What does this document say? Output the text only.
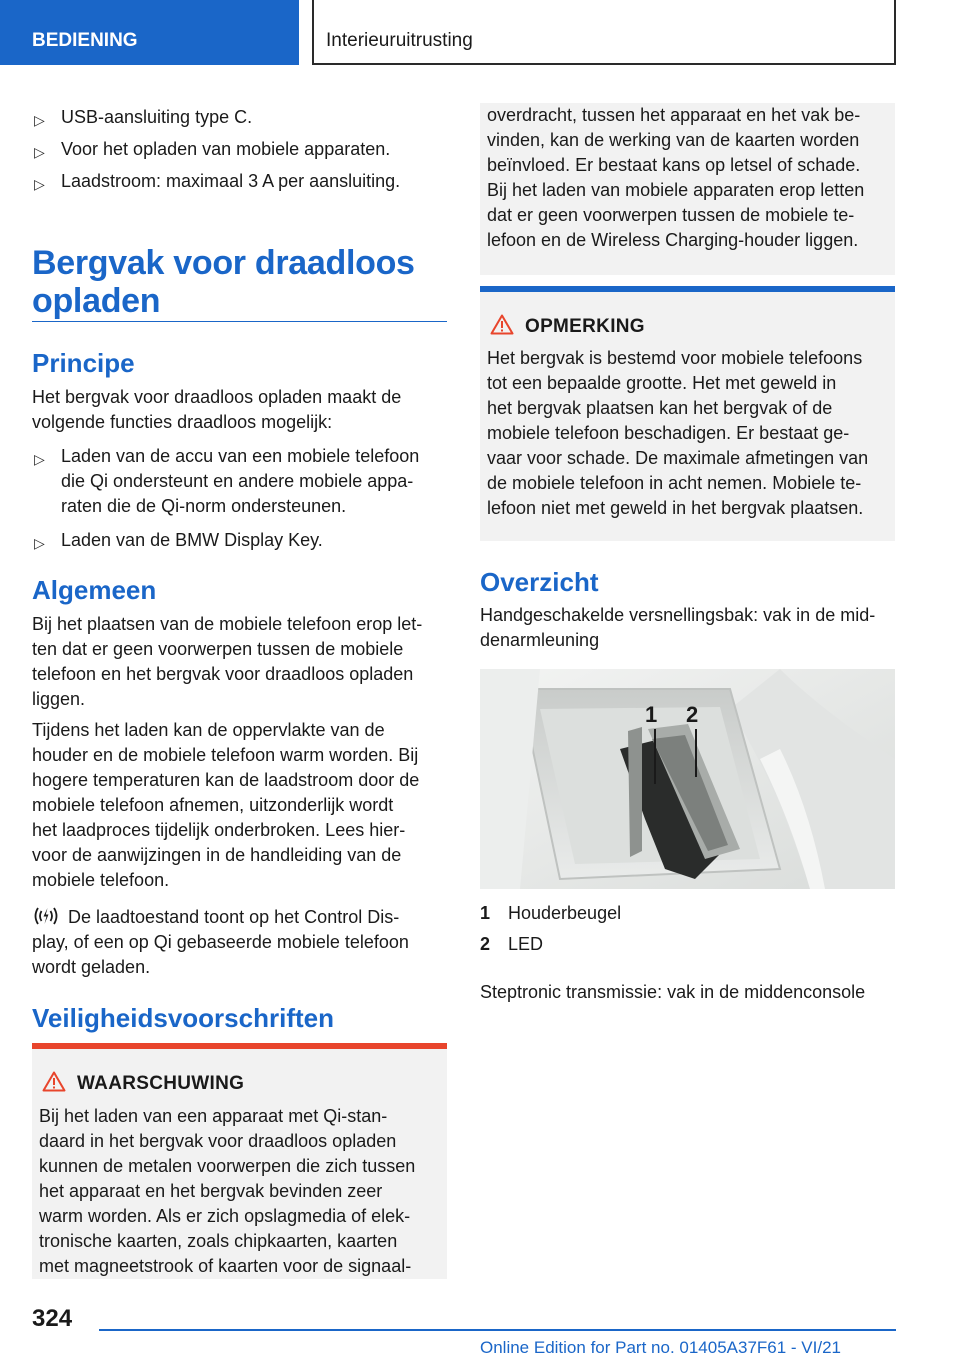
BEDIENING	Interieuruitrusting
▷ USB-aansluiting type C.
▷ Voor het opladen van mobiele apparaten.
▷ Laadstroom: maximaal 3 A per aansluiting.
Bergvak voor draadloos
opladen
Principe
Het bergvak voor draadloos opladen maakt de
volgende functies draadloos mogelijk:
▷ Laden van de accu van een mobiele telefoon
die Qi ondersteunt en andere mobiele appa-
raten die de Qi-norm ondersteunen.
▷ Laden van de BMW Display Key.
Algemeen
Bij het plaatsen van de mobiele telefoon erop let-
ten dat er geen voorwerpen tussen de mobiele
telefoon en het bergvak voor draadloos opladen
liggen.
Tijdens het laden kan de oppervlakte van de
houder en de mobiele telefoon warm worden. Bij
hogere temperaturen kan de laadstroom door de
mobiele telefoon afnemen, uitzonderlijk wordt
het laadproces tijdelijk onderbroken. Lees hier-
voor de aanwijzingen in de handleiding van de
mobiele telefoon.
De laadtoestand toont op het Control Dis-
play, of een op Qi gebaseerde mobiele telefoon
wordt geladen.
Veiligheidsvoorschriften
WAARSCHUWING
Bij het laden van een apparaat met Qi-stan-
daard in het bergvak voor draadloos opladen
kunnen de metalen voorwerpen die zich tussen
het apparaat en het bergvak bevinden zeer
warm worden. Als er zich opslagmedia of elek-
tronische kaarten, zoals chipkaarten, kaarten
met magneetstrook of kaarten voor de signaal-
overdracht, tussen het apparaat en het vak be-
vinden, kan de werking van de kaarten worden
beïnvloed. Er bestaat kans op letsel of schade.
Bij het laden van mobiele apparaten erop letten
dat er geen voorwerpen tussen de mobiele te-
lefoon en de Wireless Charging-houder liggen.
OPMERKING
Het bergvak is bestemd voor mobiele telefoons
tot een bepaalde grootte. Het met geweld in
het bergvak plaatsen kan het bergvak of de
mobiele telefoon beschadigen. Er bestaat ge-
vaar voor schade. De maximale afmetingen van
de mobiele telefoon in acht nemen. Mobiele te-
lefoon niet met geweld in het bergvak plaatsen.
Overzicht
Handgeschakelde versnellingsbak: vak in de mid-
denarmleuning
1 2
1 Houderbeugel
2 LED
Steptronic transmissie: vak in de middenconsole
324
Online Edition for Part no. 01405A37F61 - VI/21
